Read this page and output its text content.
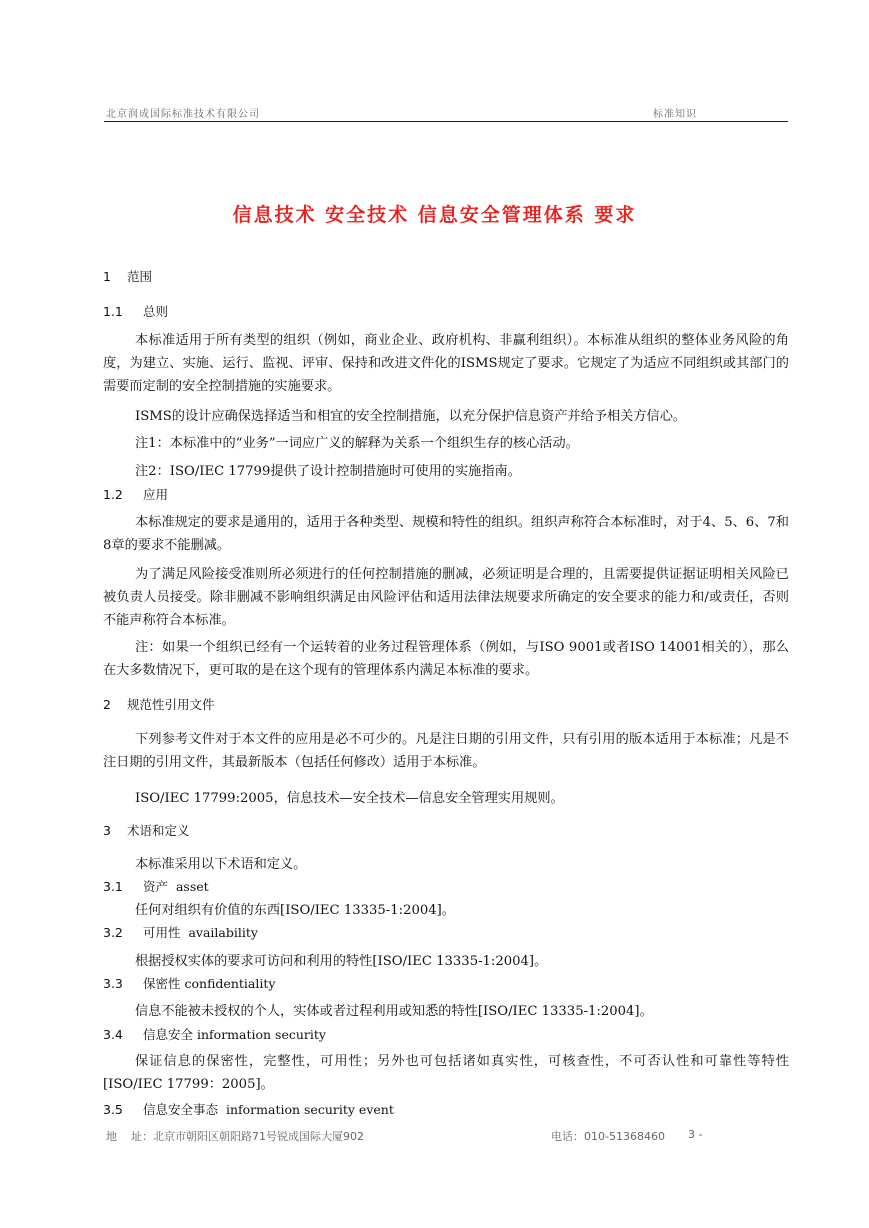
北京润成国际标准技术有限公司	标准知识
信息技术 安全技术 信息安全管理体系 要求
1 范围
1.1 总则
本标准适用于所有类型的组织（例如，商业企业、政府机构、非赢利组织）。本标准从组织的整体业务风险的角度，为建立、实施、运行、监视、评审、保持和改进文件化的ISMS规定了要求。它规定了为适应不同组织或其部门的需要而定制的安全控制措施的实施要求。
ISMS的设计应确保选择适当和相宜的安全控制措施，以充分保护信息资产并给予相关方信心。
注1：本标准中的“业务”一词应广义的解释为关系一个组织生存的核心活动。
注2：ISO/IEC 17799提供了设计控制措施时可使用的实施指南。
1.2 应用
本标准规定的要求是通用的，适用于各种类型、规模和特性的组织。组织声称符合本标准时，对于4、5、6、7和8章的要求不能删减。
为了满足风险接受准则所必须进行的任何控制措施的删减，必须证明是合理的，且需要提供证据证明相关风险已被负责人员接受。除非删减不影响组织满足由风险评估和适用法律法规要求所确定的安全要求的能力和/或责任，否则不能声称符合本标准。
注：如果一个组织已经有一个运转着的业务过程管理体系（例如，与ISO 9001或者ISO 14001相关的），那么在大多数情况下，更可取的是在这个现有的管理体系内满足本标准的要求。
2 规范性引用文件
下列参考文件对于本文件的应用是必不可少的。凡是注日期的引用文件，只有引用的版本适用于本标准；凡是不注日期的引用文件，其最新版本（包括任何修改）适用于本标准。
ISO/IEC 17799:2005，信息技术—安全技术—信息安全管理实用规则。
3 术语和定义
本标准采用以下术语和定义。
3.1 资产 asset
任何对组织有价值的东西[ISO/IEC 13335-1:2004]。
3.2 可用性 availability
根据授权实体的要求可访问和利用的特性[ISO/IEC 13335-1:2004]。
3.3 保密性 confidentiality
信息不能被未授权的个人，实体或者过程利用或知悉的特性[ISO/IEC 13335-1:2004]。
3.4 信息安全 information security
保证信息的保密性，完整性，可用性；另外也可包括诸如真实性，可核查性，不可否认性和可靠性等特性[ISO/IEC 17799：2005]。
3.5 信息安全事态 information security event
地    址：北京市朝阳区朝阳路71号锐成国际大厦902	电话：010-51368460 3 -
